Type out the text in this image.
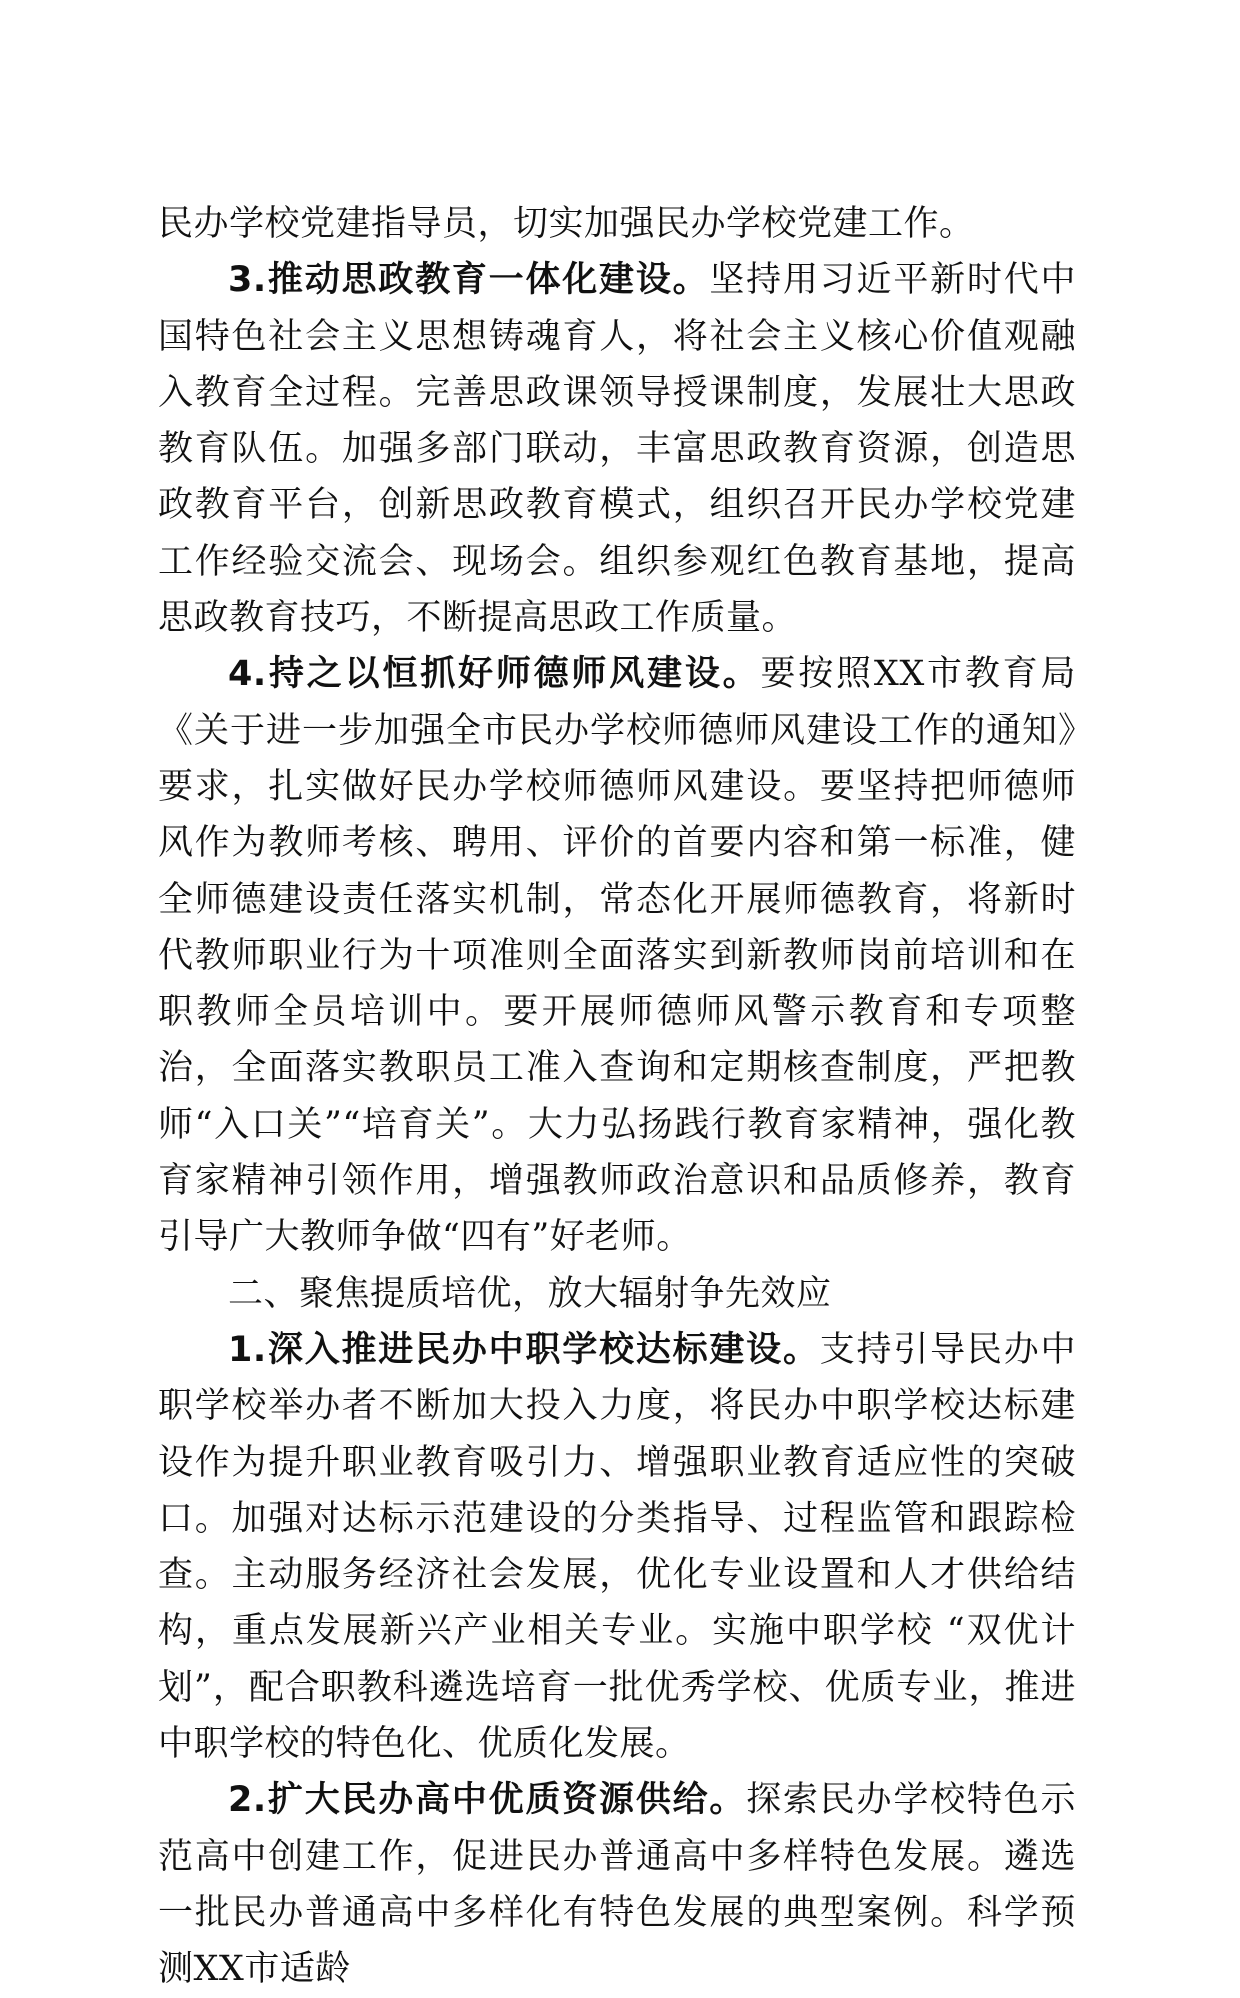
民办学校党建指导员，切实加强民办学校党建工作。

3.推动思政教育一体化建设。坚持用习近平新时代中国特色社会主义思想铸魂育人，将社会主义核心价值观融入教育全过程。完善思政课领导授课制度，发展壮大思政教育队伍。加强多部门联动，丰富思政教育资源，创造思政教育平台，创新思政教育模式，组织召开民办学校党建工作经验交流会、现场会。组织参观红色教育基地，提高思政教育技巧，不断提高思政工作质量。

4.持之以恒抓好师德师风建设。要按照XX市教育局《关于进一步加强全市民办学校师德师风建设工作的通知》要求，扎实做好民办学校师德师风建设。要坚持把师德师风作为教师考核、聘用、评价的首要内容和第一标准，健全师德建设责任落实机制，常态化开展师德教育，将新时代教师职业行为十项准则全面落实到新教师岗前培训和在职教师全员培训中。要开展师德师风警示教育和专项整治，全面落实教职员工准入查询和定期核查制度，严把教师“入口关”“培育关”。大力弘扬践行教育家精神，强化教育家精神引领作用，增强教师政治意识和品质修养，教育引导广大教师争做“四有”好老师。

二、聚焦提质培优，放大辐射争先效应

1.深入推进民办中职学校达标建设。支持引导民办中职学校举办者不断加大投入力度，将民办中职学校达标建设作为提升职业教育吸引力、增强职业教育适应性的突破口。加强对达标示范建设的分类指导、过程监管和跟踪检查。主动服务经济社会发展，优化专业设置和人才供给结构，重点发展新兴产业相关专业。实施中职学校 “双优计划”，配合职教科遴选培育一批优秀学校、优质专业，推进中职学校的特色化、优质化发展。

2.扩大民办高中优质资源供给。探索民办学校特色示范高中创建工作，促进民办普通高中多样特色发展。遴选一批民办普通高中多样化有特色发展的典型案例。科学预测XX市适龄
